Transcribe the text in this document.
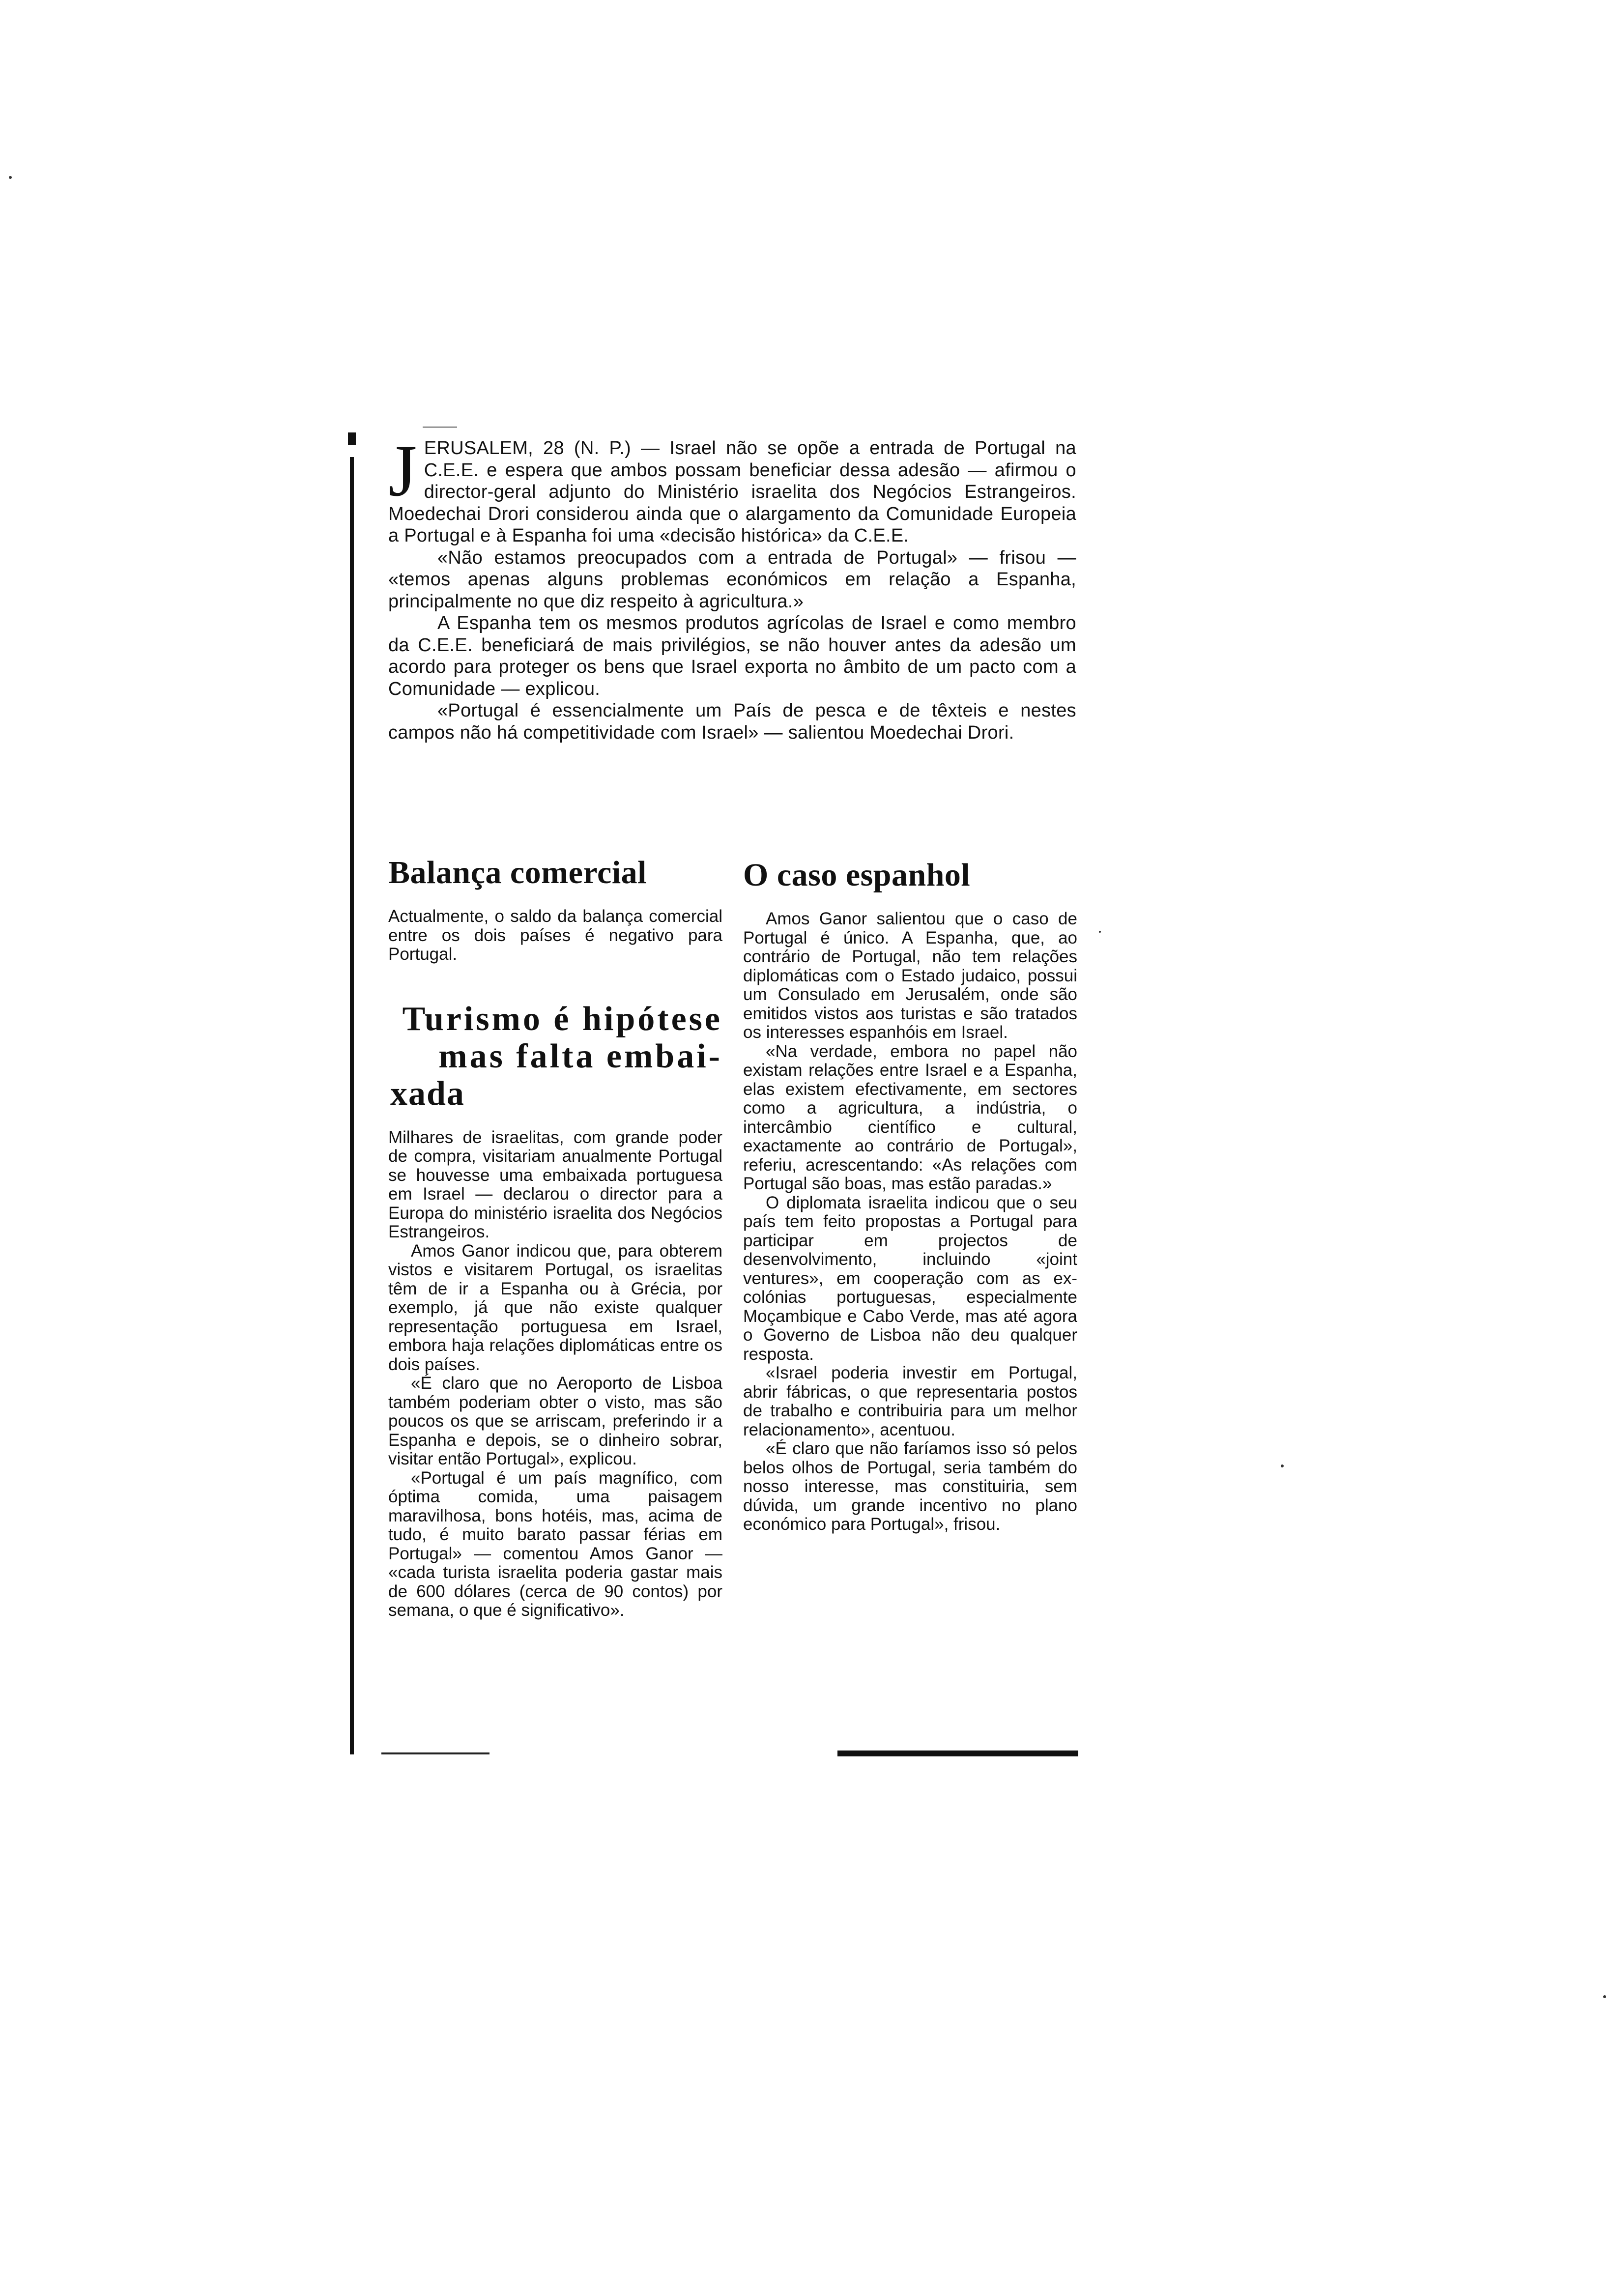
J ERUSALEM, 28 (N. P.) — Israel não se opõe a entrada de Portugal na C.E.E. e espera que ambos possam beneficiar dessa adesão — afirmou o director-geral adjunto do Ministério israelita dos Negócios Estrangeiros. Moedechai Drori considerou ainda que o alargamento da Comunidade Europeia a Portugal e à Espanha foi uma «decisão histórica» da C.E.E.

«Não estamos preocupados com a entrada de Portugal» — frisou — «temos apenas alguns problemas económicos em relação a Espanha, principalmente no que diz respeito à agricultura.»

A Espanha tem os mesmos produtos agrícolas de Israel e como membro da C.E.E. beneficiará de mais privilégios, se não houver antes da adesão um acordo para proteger os bens que Israel exporta no âmbito de um pacto com a Comunidade — explicou.

«Portugal é essencialmente um País de pesca e de têxteis e nestes campos não há competitividade com Israel» — salientou Moedechai Drori.

Balança comercial

Actualmente, o saldo da balança comercial entre os dois países é negativo para Portugal.

Turismo é hipótese
mas falta embai-
xada

Milhares de israelitas, com grande poder de compra, visitariam anualmente Portugal se houvesse uma embaixada portuguesa em Israel — declarou o director para a Europa do ministério israelita dos Negócios Estrangeiros.

Amos Ganor indicou que, para obterem vistos e visitarem Portugal, os israelitas têm de ir a Espanha ou à Grécia, por exemplo, já que não existe qualquer representação portuguesa em Israel, embora haja relações diplomáticas entre os dois países.

«É claro que no Aeroporto de Lisboa também poderiam obter o visto, mas são poucos os que se arriscam, preferindo ir a Espanha e depois, se o dinheiro sobrar, visitar então Portugal», explicou.

«Portugal é um país magnífico, com óptima comida, uma paisagem maravilhosa, bons hotéis, mas, acima de tudo, é muito barato passar férias em Portugal» — comentou Amos Ganor — «cada turista israelita poderia gastar mais de 600 dólares (cerca de 90 contos) por semana, o que é significativo».

O caso espanhol

Amos Ganor salientou que o caso de Portugal é único. A Espanha, que, ao contrário de Portugal, não tem relações diplomáticas com o Estado judaico, possui um Consulado em Jerusalém, onde são emitidos vistos aos turistas e são tratados os interesses espanhóis em Israel.

«Na verdade, embora no papel não existam relações entre Israel e a Espanha, elas existem efectivamente, em sectores como a agricultura, a indústria, o intercâmbio científico e cultural, exactamente ao contrário de Portugal», referiu, acrescentando: «As relações com Portugal são boas, mas estão paradas.»

O diplomata israelita indicou que o seu país tem feito propostas a Portugal para participar em projectos de desenvolvimento, incluindo «joint ventures», em cooperação com as ex-colónias portuguesas, especialmente Moçambique e Cabo Verde, mas até agora o Governo de Lisboa não deu qualquer resposta.

«Israel poderia investir em Portugal, abrir fábricas, o que representaria postos de trabalho e contribuiria para um melhor relacionamento», acentuou.

«É claro que não faríamos isso só pelos belos olhos de Portugal, seria também do nosso interesse, mas constituiria, sem dúvida, um grande incentivo no plano económico para Portugal», frisou.
